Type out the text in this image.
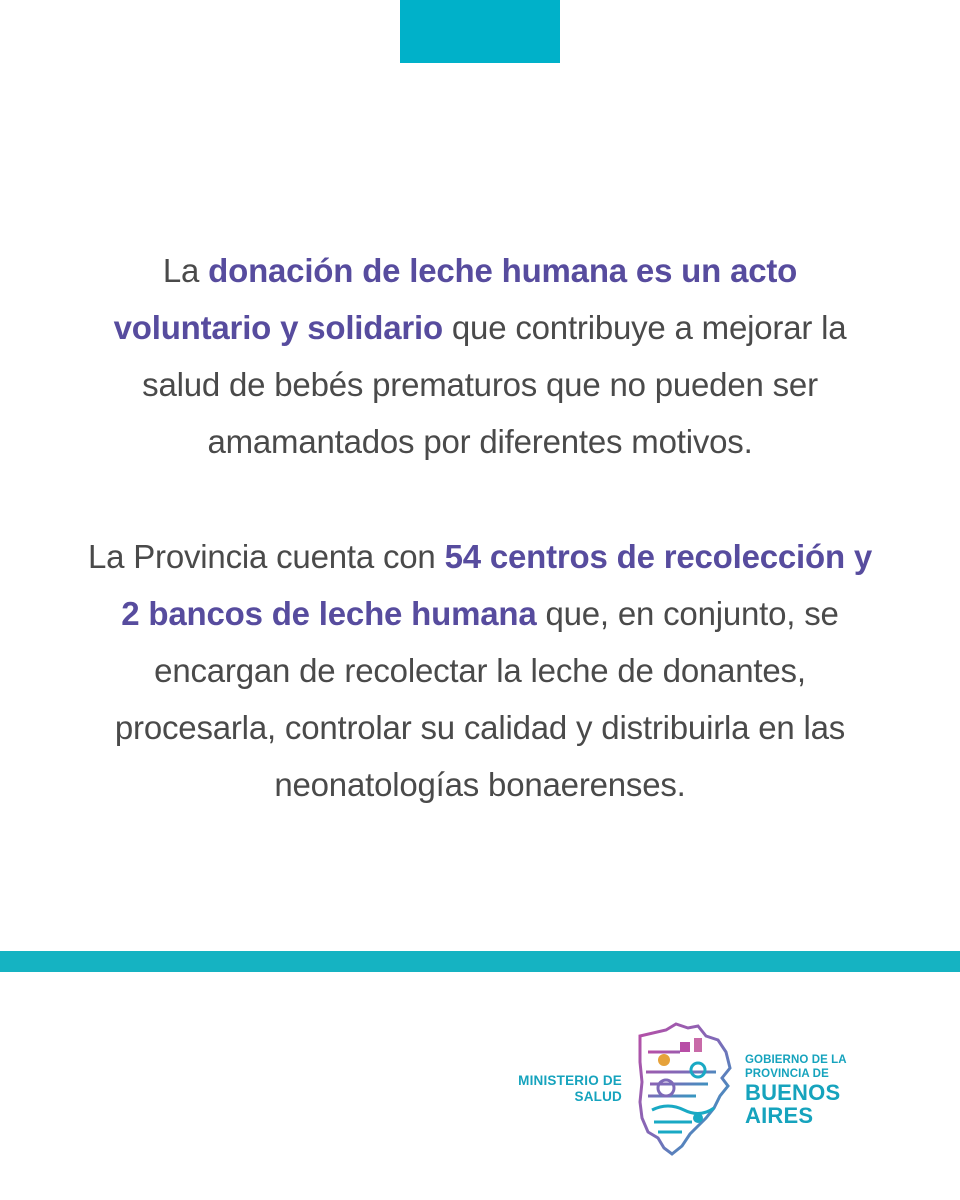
La donación de leche humana es un acto voluntario y solidario que contribuye a mejorar la salud de bebés prematuros que no pueden ser amamantados por diferentes motivos.
La Provincia cuenta con 54 centros de recolección y 2 bancos de leche humana que, en conjunto, se encargan de recolectar la leche de donantes, procesarla, controlar su calidad y distribuirla en las neonatologías bonaerenses.
MINISTERIO DE
SALUD
GOBIERNO DE LA
PROVINCIA DE
BUENOS
AIRES
